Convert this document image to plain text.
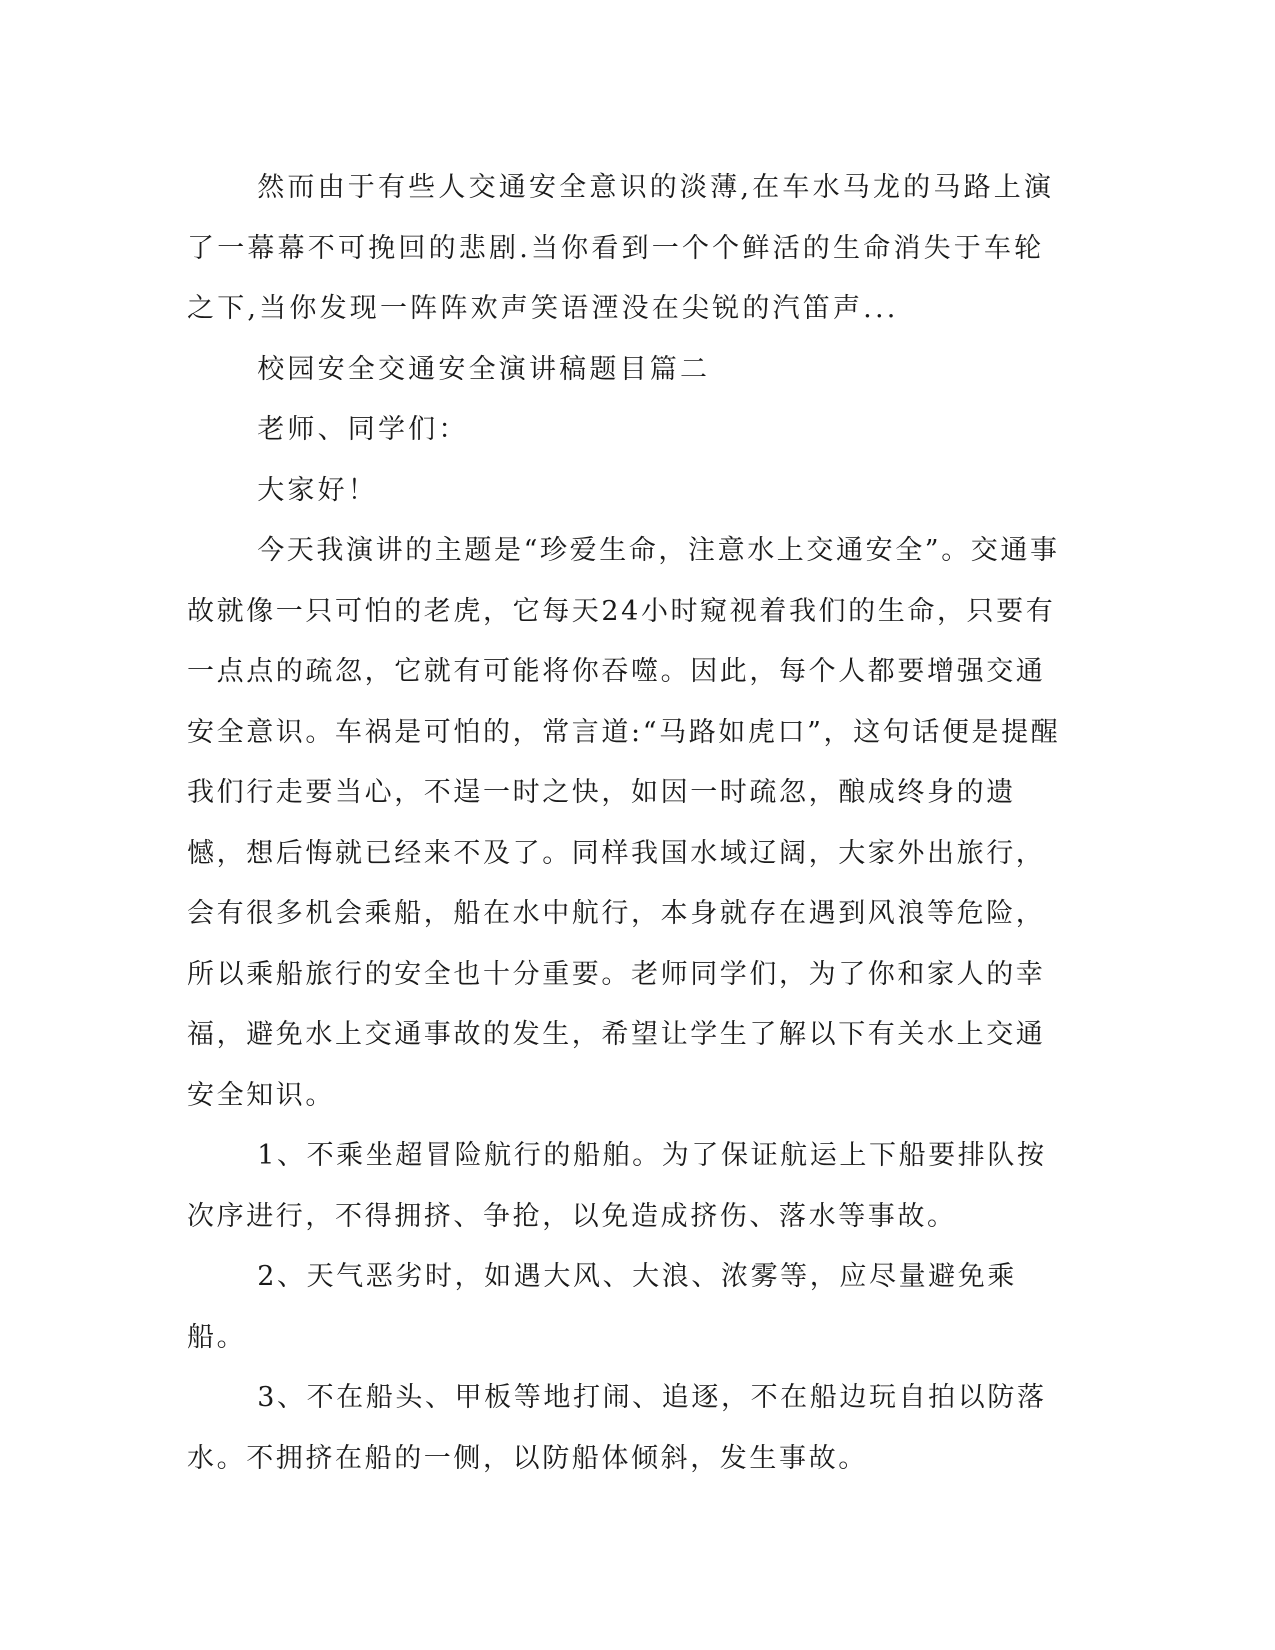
然而由于有些人交通安全意识的淡薄,在车水马龙的马路上演了一幕幕不可挽回的悲剧.当你看到一个个鲜活的生命消失于车轮之下,当你发现一阵阵欢声笑语湮没在尖锐的汽笛声...

校园安全交通安全演讲稿题目篇二

老师、同学们：

大家好！

今天我演讲的主题是“珍爱生命，注意水上交通安全”。交通事故就像一只可怕的老虎，它每天24小时窥视着我们的生命，只要有一点点的疏忽，它就有可能将你吞噬。因此，每个人都要增强交通安全意识。车祸是可怕的，常言道:“马路如虎口”，这句话便是提醒我们行走要当心，不逞一时之快，如因一时疏忽，酿成终身的遗憾，想后悔就已经来不及了。同样我国水域辽阔，大家外出旅行，会有很多机会乘船，船在水中航行，本身就存在遇到风浪等危险，所以乘船旅行的安全也十分重要。老师同学们，为了你和家人的幸福，避免水上交通事故的发生，希望让学生了解以下有关水上交通安全知识。

1、不乘坐超冒险航行的船舶。为了保证航运上下船要排队按次序进行，不得拥挤、争抢，以免造成挤伤、落水等事故。

2、天气恶劣时，如遇大风、大浪、浓雾等，应尽量避免乘船。

3、不在船头、甲板等地打闹、追逐，不在船边玩自拍以防落水。不拥挤在船的一侧，以防船体倾斜，发生事故。
